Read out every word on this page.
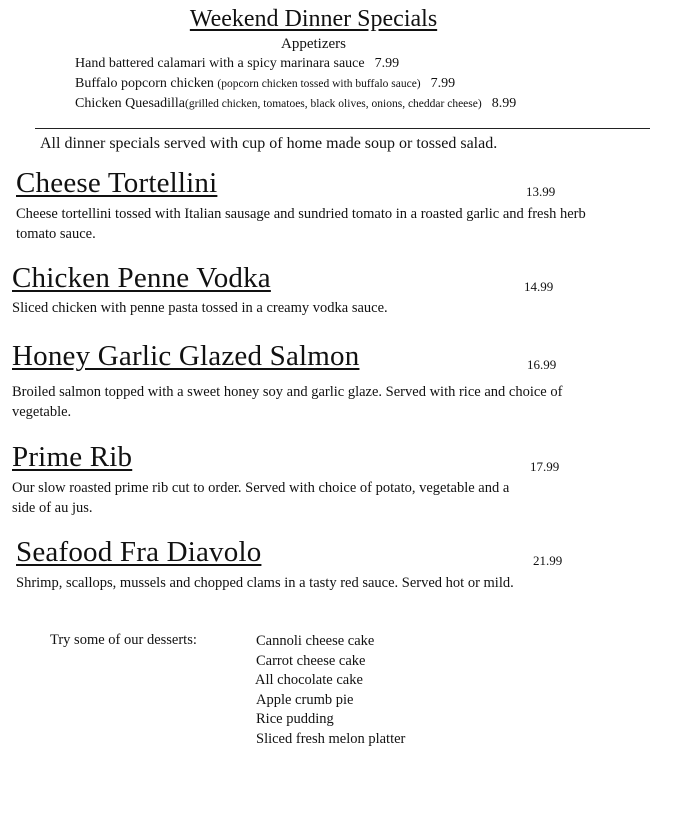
Weekend Dinner Specials
Appetizers
Hand battered calamari with a spicy marinara sauce 7.99
Buffalo popcorn chicken (popcorn chicken tossed with buffalo sauce) 7.99
Chicken Quesadilla(grilled chicken, tomatoes, black olives, onions, cheddar cheese) 8.99
All dinner specials served with cup of home made soup or tossed salad.
Cheese Tortellini	13.99
Cheese tortellini tossed with Italian sausage and sundried tomato in a roasted garlic and fresh herb tomato sauce.
Chicken Penne Vodka	14.99
Sliced chicken with penne pasta tossed in a creamy vodka sauce.
Honey Garlic Glazed Salmon	16.99
Broiled salmon topped with a sweet honey soy and garlic glaze. Served with rice and choice of vegetable.
Prime Rib	17.99
Our slow roasted prime rib cut to order. Served with choice of potato, vegetable and a side of au jus.
Seafood Fra Diavolo	21.99
Shrimp, scallops, mussels and chopped clams in a tasty red sauce. Served hot or mild.
Try some of our desserts:	Cannoli cheese cake
Carrot cheese cake
All chocolate cake
Apple crumb pie
Rice pudding
Sliced fresh melon platter
